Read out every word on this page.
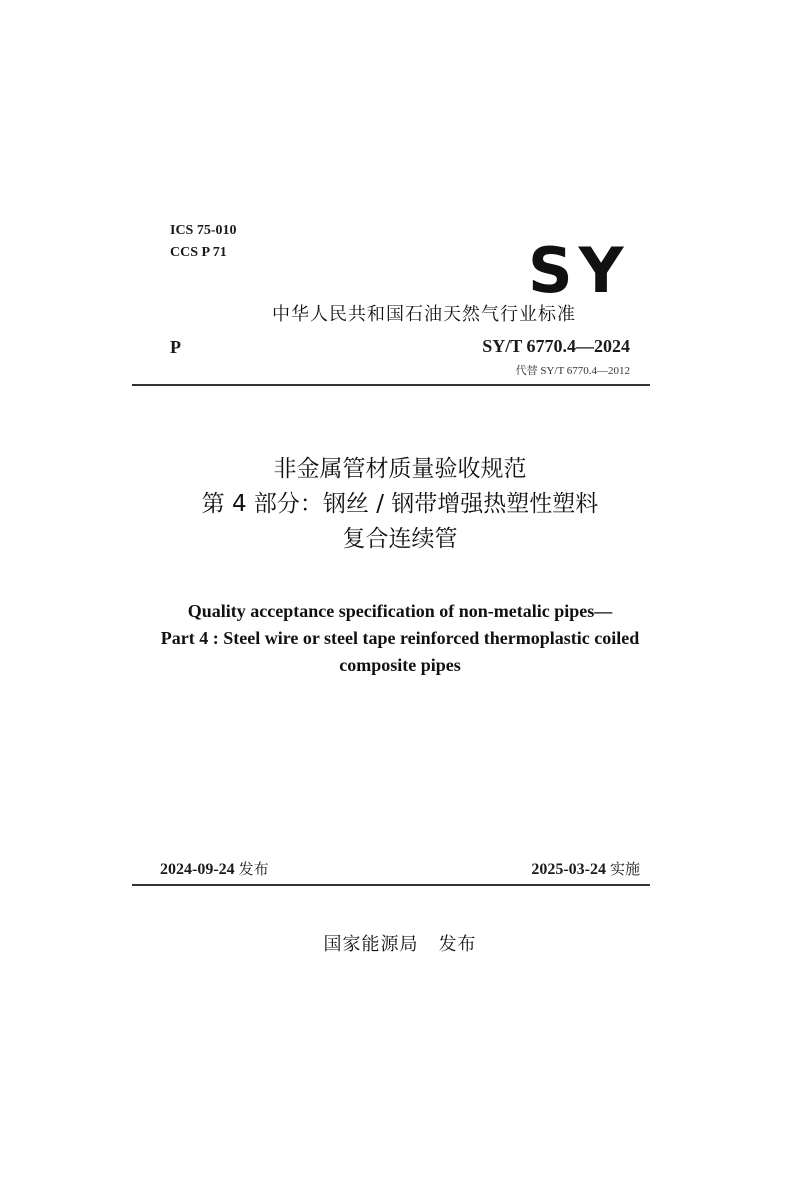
ICS 75-010
CCS P 71	SY
中华人民共和国石油天然气行业标准
P	SY/T 6770.4—2024
代替 SY/T 6770.4—2012
非金属管材质量验收规范
第 4 部分：钢丝 / 钢带增强热塑性塑料
复合连续管
Quality acceptance specification of non-metalic pipes—
Part 4 : Steel wire or steel tape reinforced thermoplastic coiled
composite pipes
2024-09-24 发布	2025-03-24 实施
国家能源局 发布
